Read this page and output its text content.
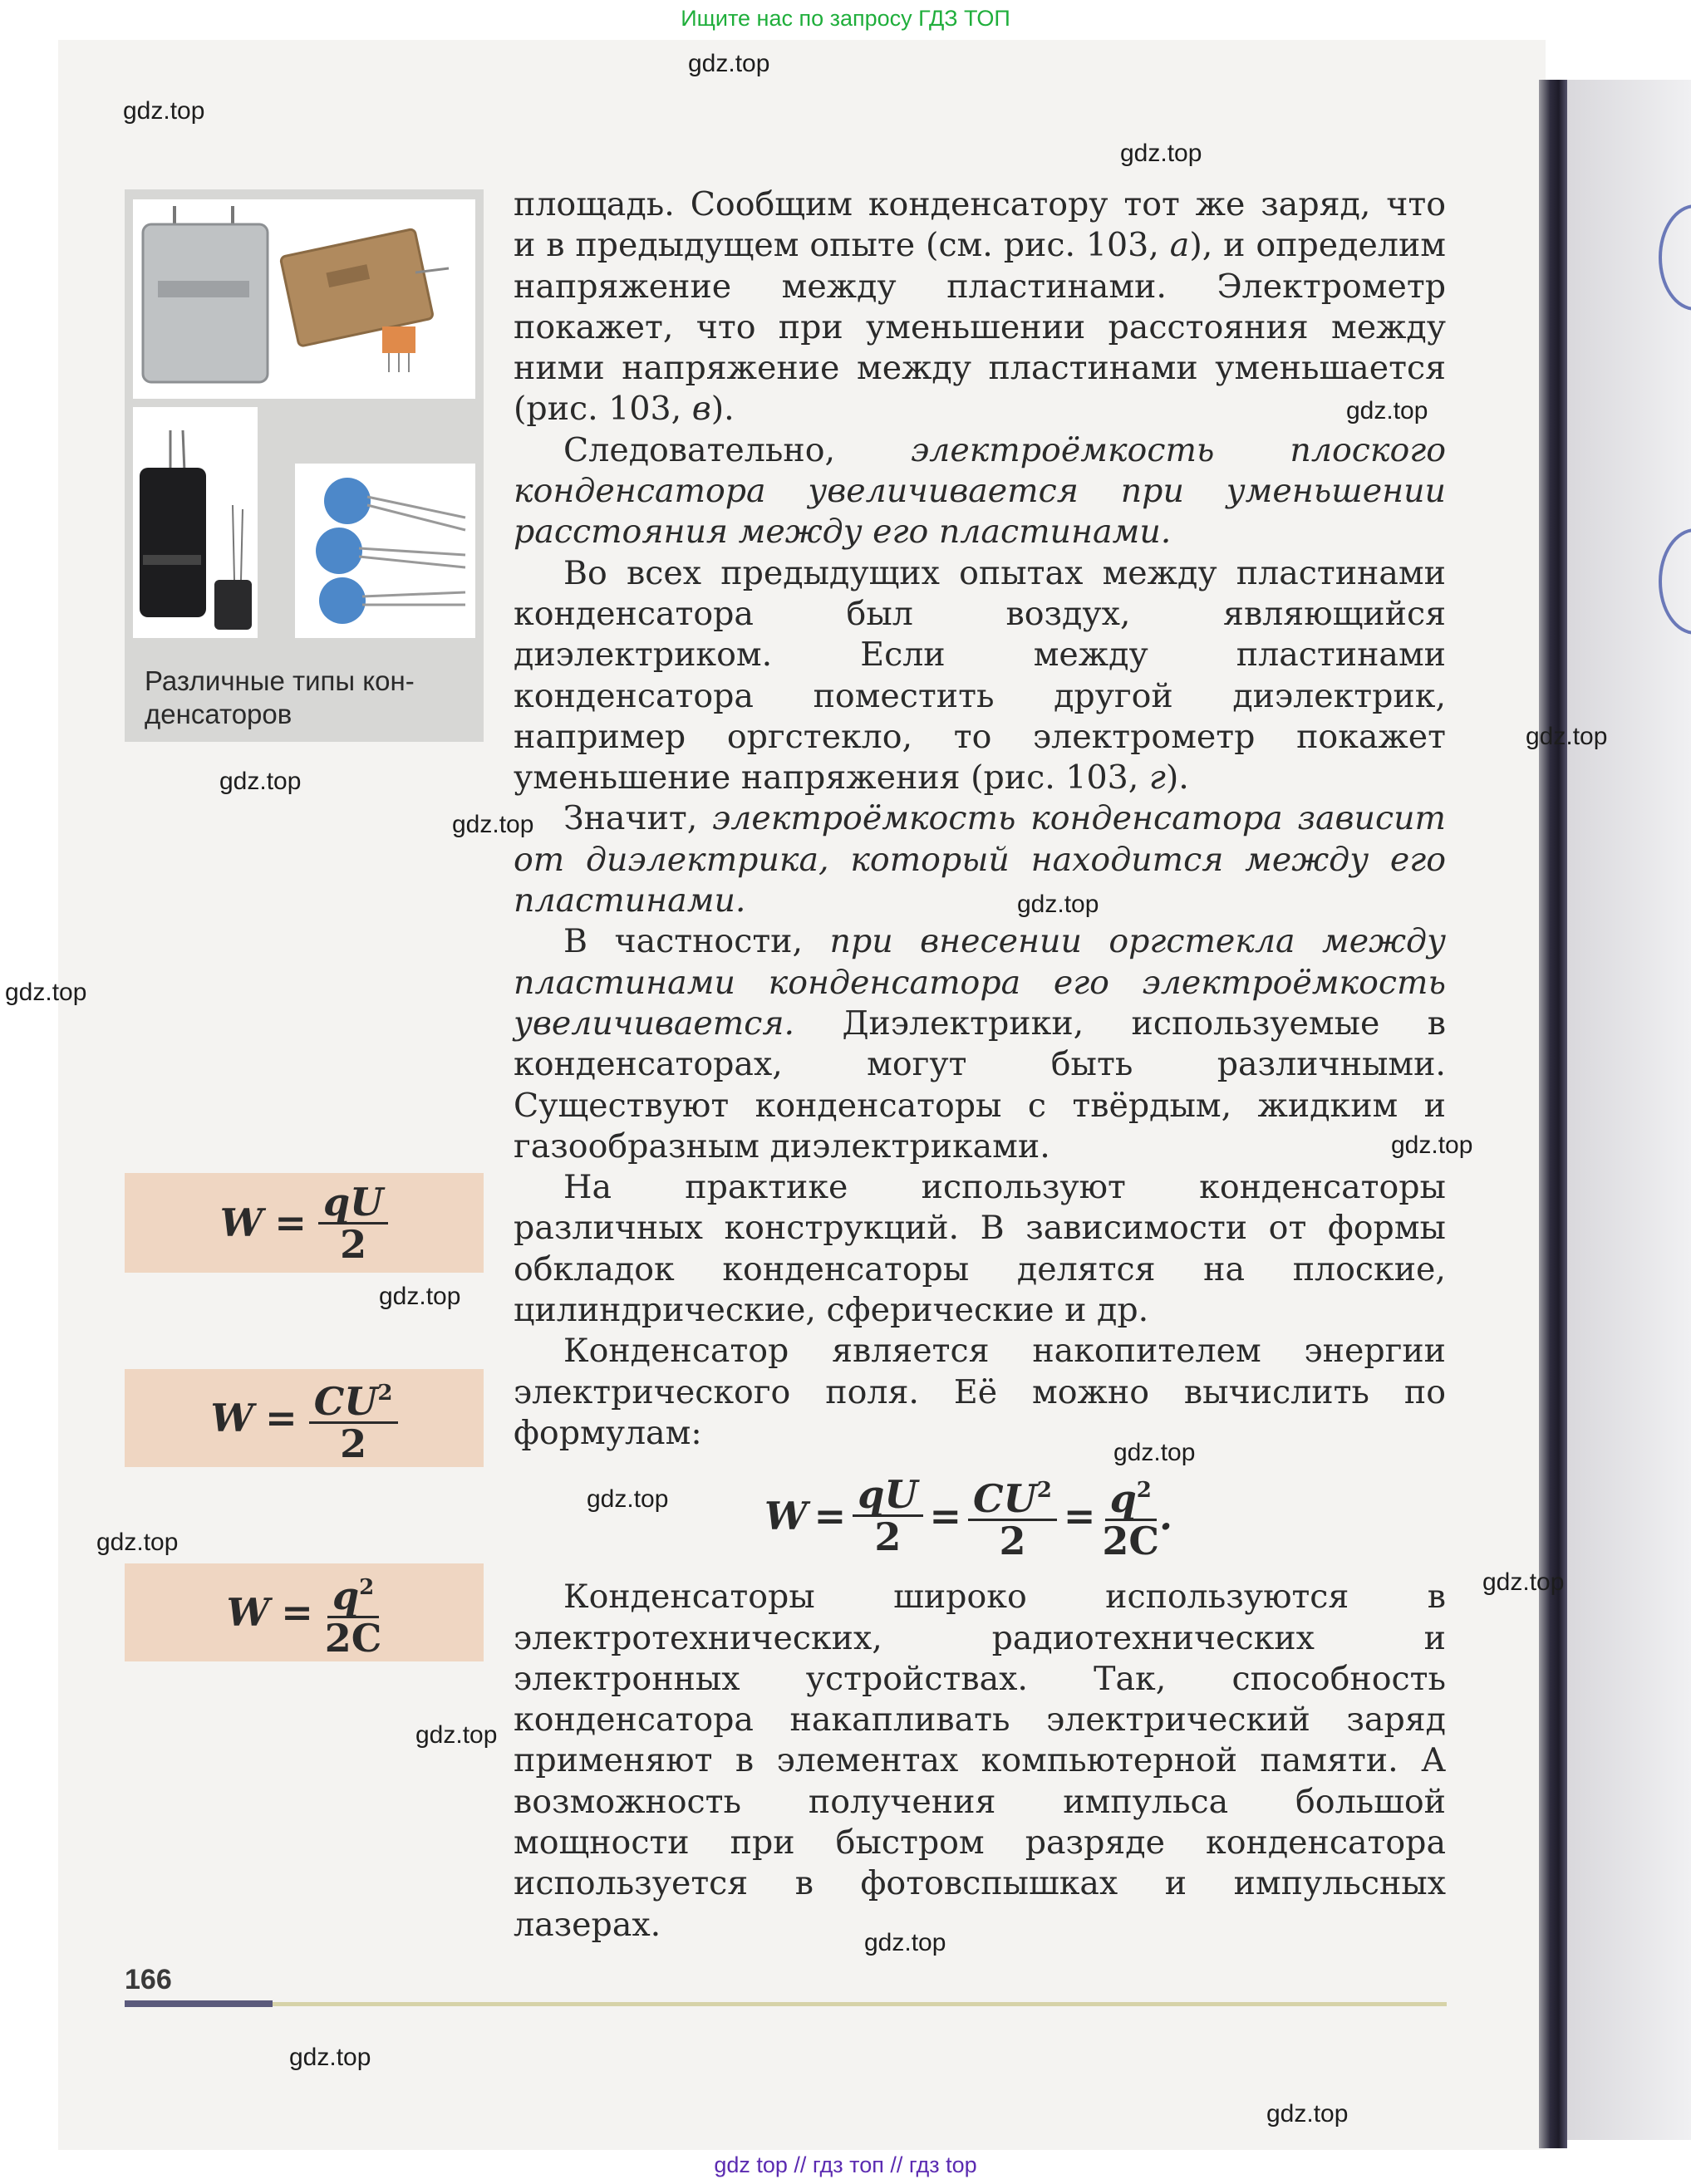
Ищите нас по запросу ГДЗ ТОП
Различные типы кон-
денсаторов
$W = \frac{qU}{2}$
$W = \frac{CU^2}{2}$
$W = \frac{q^2}{2C}$

площадь. Сообщим конденсатору тот же заряд, что и в предыдущем опыте (см. рис. 103, а), и определим напряжение между пластинами. Электрометр покажет, что при уменьшении расстояния между ними напряжение между пластинами уменьшается (рис. 103, в).

Следовательно, электроёмкость плоского конденсатора увеличивается при уменьшении расстояния между его пластинами.

Во всех предыдущих опытах между пластинами конденсатора был воздух, являющийся диэлектриком. Если между пластинами конденсатора поместить другой диэлектрик, например оргстекло, то электрометр покажет уменьшение напряжения (рис. 103, г).

Значит, электроёмкость конденсатора зависит от диэлектрика, который находится между его пластинами.

В частности, при внесении оргстекла между пластинами конденсатора его электроёмкость увеличивается. Диэлектрики, используемые в конденсаторах, могут быть различными. Существуют конденсаторы с твёрдым, жидким и газообразным диэлектриками.

На практике используют конденсаторы различных конструкций. В зависимости от формы обкладок конденсаторы делятся на плоские, цилиндрические, сферические и др.

Конденсатор является накопителем энергии электрического поля. Её можно вычислить по формулам:

Конденсаторы широко используются в электротехнических, радиотехнических и электронных устройствах. Так, способность конденсатора накапливать электрический заряд применяют в элементах компьютерной памяти. А возможность получения импульса большой мощности при быстром разряде конденсатора используется в фотовспышках и импульсных лазерах.

$W = \frac{qU}{2} = \frac{CU^2}{2} = \frac{q^2}{2C}$ .
166
gdz.top
gdz.top
gdz.top
gdz.top
gdz.top
gdz.top
gdz.top
gdz.top
gdz.top
gdz.top
gdz.top
gdz.top
gdz.top
gdz.top
gdz.top
gdz.top
gdz.top
gdz.top
gdz.top
gdz top // гдз топ // гдз top
